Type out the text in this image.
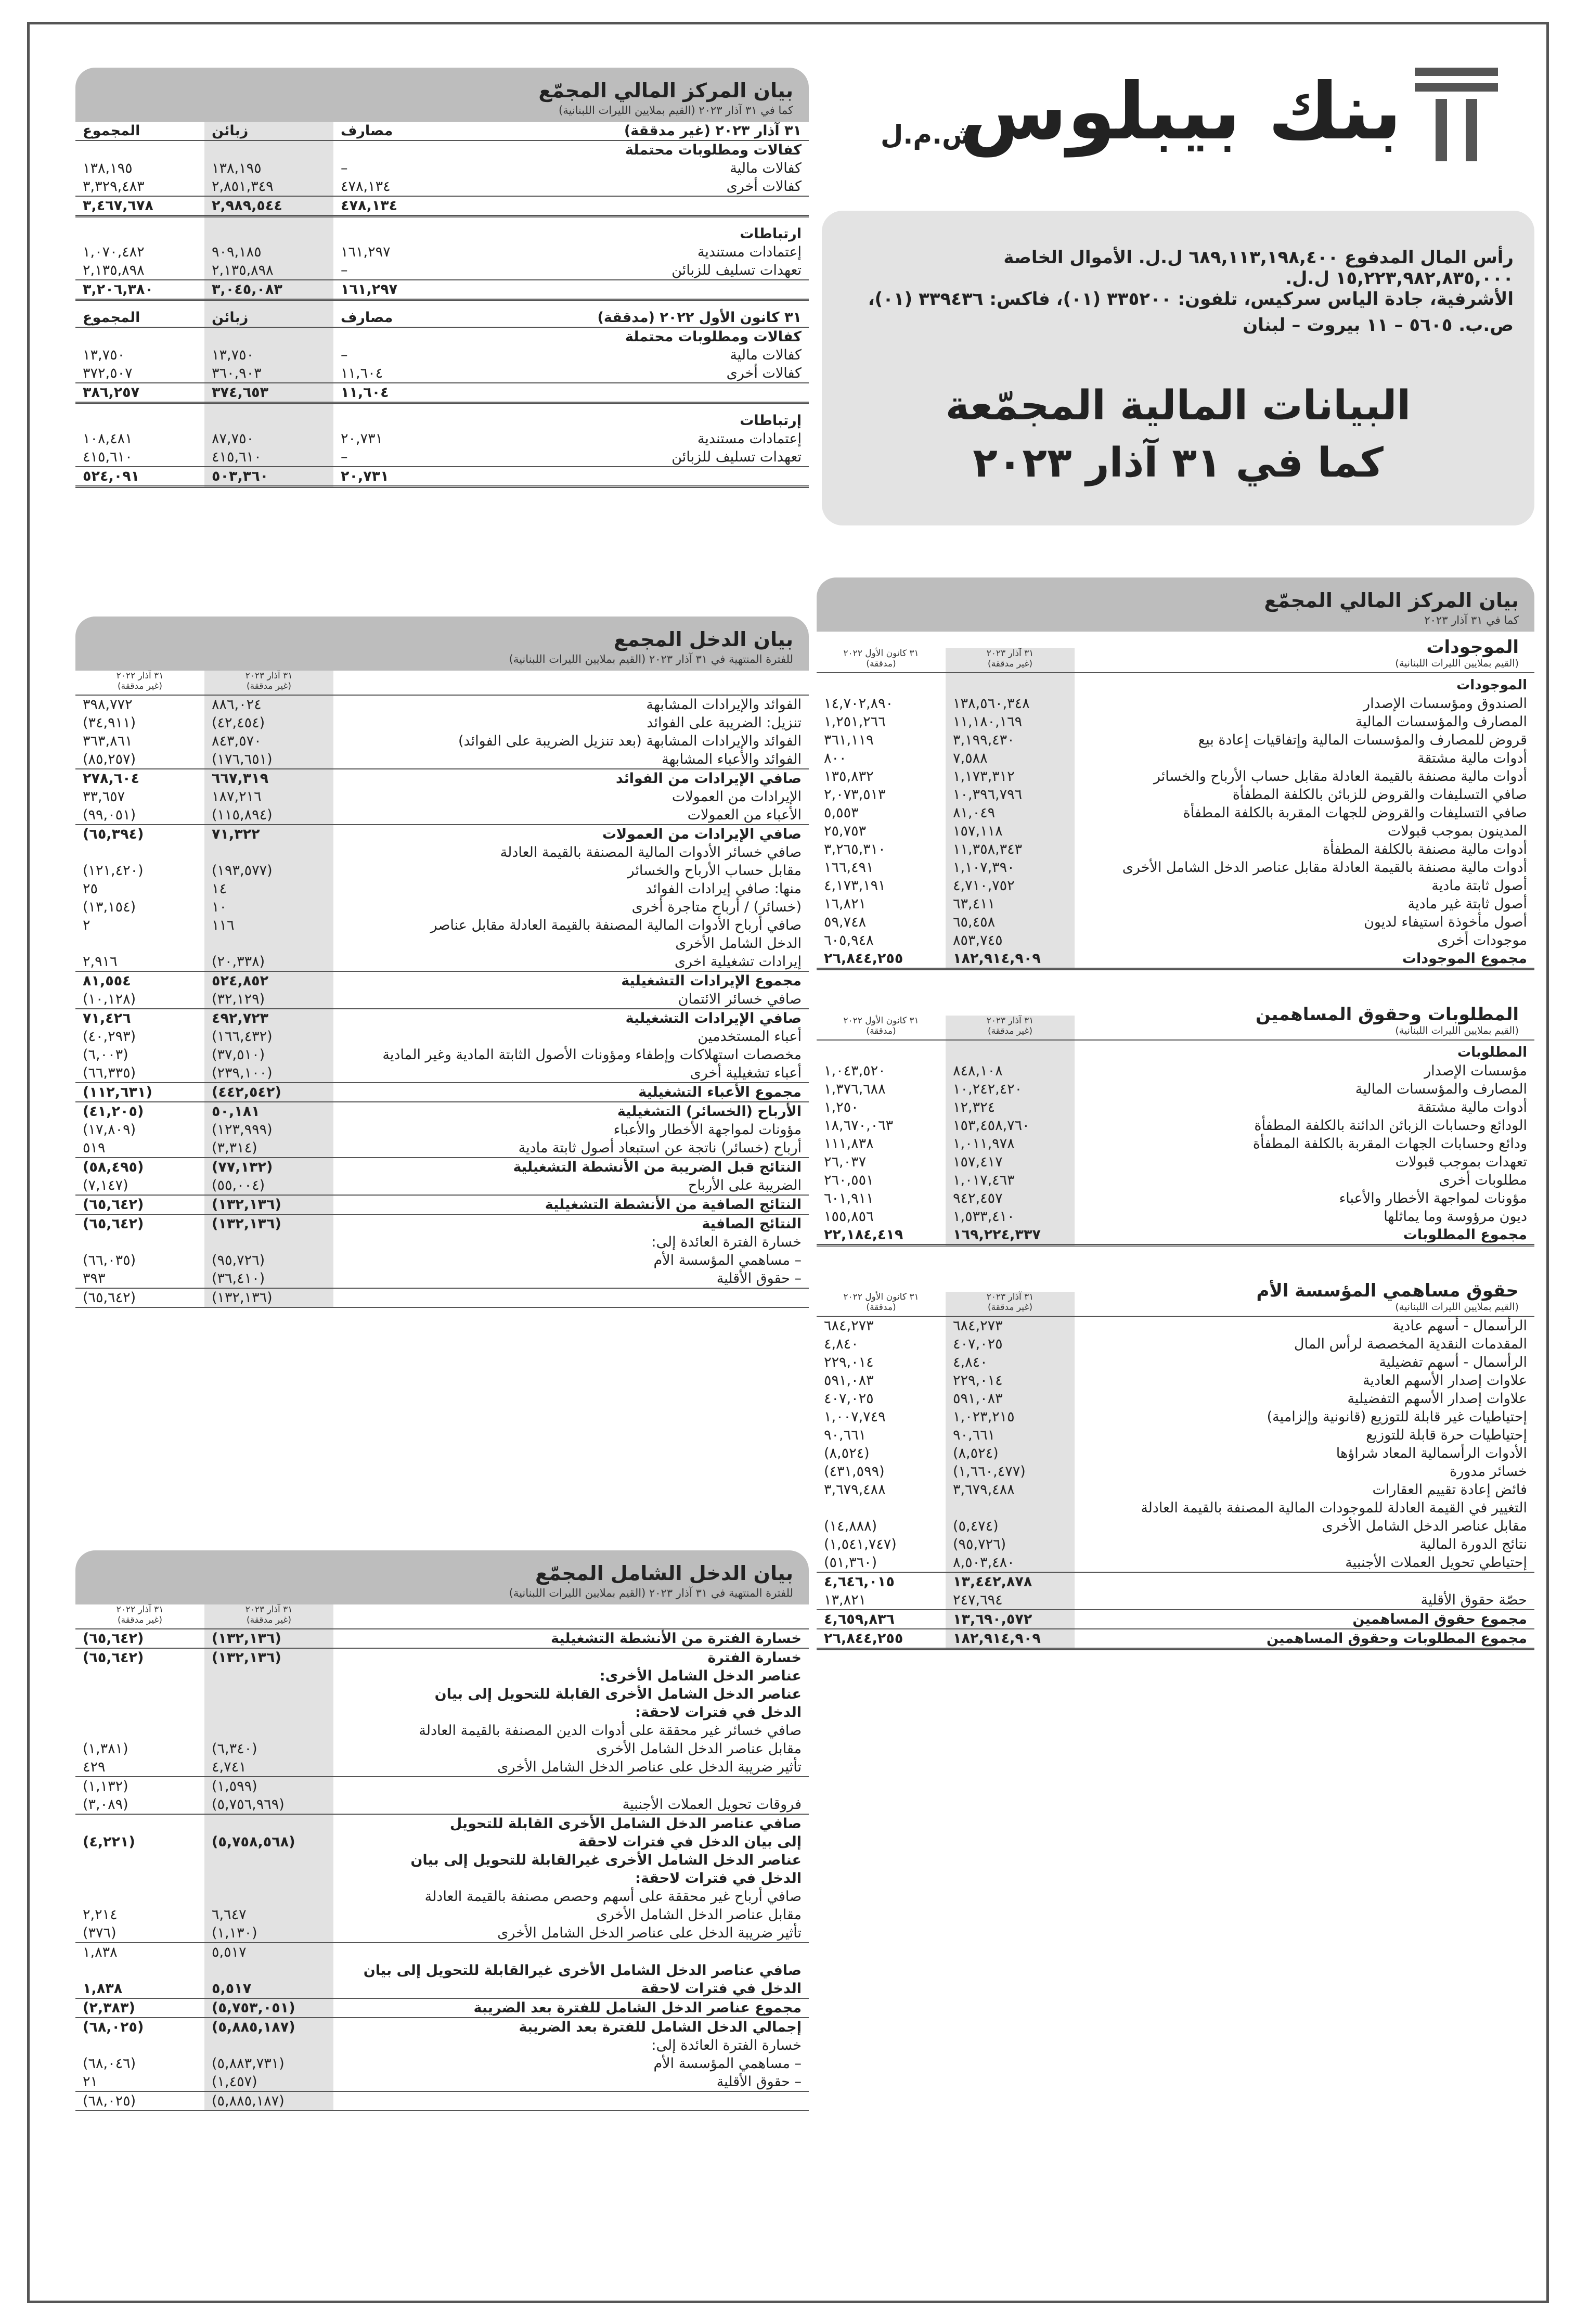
بنك بيبلوس
ش.م.ل
رأس المال المدفوع ٦٨٩,١١٣,١٩٨,٤٠٠ ل.ل. الأموال الخاصة ١٥,٢٢٣,٩٨٢,٨٣٥,٠٠٠ ل.ل.
الأشرفية، جادة الياس سركيس، تلفون: ٣٣٥٢٠٠ (٠١)، فاكس: ٣٣٩٤٣٦ (٠١)،
ص.ب. ٥٦٠٥ – ١١ بيروت – لبنان
البيانات المالية المجمّعة
كما في ٣١ آذار ٢٠٢٣
بيان المركز المالي المجمّع
كما في ٣١ آذار ٢٠٢٣
الموجودات
(القيم بملايين الليرات اللبنانية)
٣١ كانون الأول ٢٠٢٢
(مدققة)
٣١ آذار ٢٠٢٣
(غير مدققة)
الموجودات		
الصندوق ومؤسسات الإصدار	١٣٨,٥٦٠,٣٤٨	١٤,٧٠٢,٨٩٠
المصارف والمؤسسات المالية	١١,١٨٠,١٦٩	١,٢٥١,٢٦٦
قروض للمصارف والمؤسسات المالية وإتفاقيات إعادة بيع	٣,١٩٩,٤٣٠	٣٦١,١١٩
أدوات مالية مشتقة	٧,٥٨٨	٨٠٠
أدوات مالية مصنفة بالقيمة العادلة مقابل حساب الأرباح والخسائر	١,١٧٣,٣١٢	١٣٥,٨٣٢
صافي التسليفات والقروض للزبائن بالكلفة المطفأة	١٠,٣٩٦,٧٩٦	٢,٠٧٣,٥١٣
صافي التسليفات والقروض للجهات المقربة بالكلفة المطفأة	٨١,٠٤٩	٥,٥٥٣
المدينون بموجب قبولات	١٥٧,١١٨	٢٥,٧٥٣
أدوات مالية مصنفة بالكلفة المطفأة	١١,٣٥٨,٣٤٣	٣,٢٦٥,٣١٠
أدوات مالية مصنفة بالقيمة العادلة مقابل عناصر الدخل الشامل الأخرى	١,١٠٧,٣٩٠	١٦٦,٤٩١
أصول ثابتة مادية	٤,٧١٠,٧٥٢	٤,١٧٣,١٩١
أصول ثابتة غير مادية	٦٣,٤١١	١٦,٨٢١
أصول مأخوذة استيفاء لديون	٦٥,٤٥٨	٥٩,٧٤٨
موجودات أخرى	٨٥٣,٧٤٥	٦٠٥,٩٤٨
مجموع الموجودات	١٨٢,٩١٤,٩٠٩	٢٦,٨٤٤,٢٥٥
المطلوبات وحقوق المساهمين
(القيم بملايين الليرات اللبنانية)
٣١ كانون الأول ٢٠٢٢
(مدققة)
٣١ آذار ٢٠٢٣
(غير مدققة)
المطلوبات		
مؤسسات الإصدار	٨٤٨,١٠٨	١,٠٤٣,٥٢٠
المصارف والمؤسسات المالية	١٠,٢٤٢,٤٢٠	١,٣٧٦,٦٨٨
أدوات مالية مشتقة	١٢,٣٢٤	١,٢٥٠
الودائع وحسابات الزبائن الدائنة بالكلفة المطفأة	١٥٣,٤٥٨,٧٦٠	١٨,٦٧٠,٠٦٣
ودائع وحسابات الجهات المقربة بالكلفة المطفأة	١,٠١١,٩٧٨	١١١,٨٣٨
تعهدات بموجب قبولات	١٥٧,٤١٧	٢٦,٠٣٧
مطلوبات أخرى	١,٠١٧,٤٦٣	٢٦٠,٥٥١
مؤونات لمواجهة الأخطار والأعباء	٩٤٢,٤٥٧	٦٠١,٩١١
ديون مرؤوسة وما يماثلها	١,٥٣٣,٤١٠	١٥٥,٨٥٦
مجموع المطلوبات	١٦٩,٢٢٤,٣٣٧	٢٢,١٨٤,٤١٩
حقوق مساهمي المؤسسة الأم
(القيم بملايين الليرات اللبنانية)
٣١ كانون الأول ٢٠٢٢
(مدققة)
٣١ آذار ٢٠٢٣
(غير مدققة)
الرأسمال - أسهم عادية	٦٨٤,٢٧٣	٦٨٤,٢٧٣
المقدمات النقدية المخصصة لرأس المال	٤٠٧,٠٢٥	٤,٨٤٠
الرأسمال - أسهم تفضيلية	٤,٨٤٠	٢٢٩,٠١٤
علاوات إصدار الأسهم العادية	٢٢٩,٠١٤	٥٩١,٠٨٣
علاوات إصدار الأسهم التفضيلية	٥٩١,٠٨٣	٤٠٧,٠٢٥
إحتياطيات غير قابلة للتوزيع (قانونية وإلزامية)	١,٠٢٣,٢١٥	١,٠٠٧,٧٤٩
إحتياطيات حرة قابلة للتوزيع	٩٠,٦٦١	٩٠,٦٦١
الأدوات الرأسمالية المعاد شراؤها	(٨,٥٢٤)	(٨,٥٢٤)
خسائر مدورة	(١,٦٦٠,٤٧٧)	(٤٣١,٥٩٩)
فائض إعادة تقييم العقارات	٣,٦٧٩,٤٨٨	٣,٦٧٩,٤٨٨
التغيير في القيمة العادلة للموجودات المالية المصنفة بالقيمة العادلة		
مقابل عناصر الدخل الشامل الأخرى	(٥,٤٧٤)	(١٤,٨٨٨)
نتائج الدورة المالية	(٩٥,٧٢٦)	(١,٥٤١,٧٤٧)
إحتياطي تحويل العملات الأجنبية	٨,٥٠٣,٤٨٠	(٥١,٣٦٠)
	١٣,٤٤٢,٨٧٨	٤,٦٤٦,٠١٥
حصّة حقوق الأقلية	٢٤٧,٦٩٤	١٣,٨٢١
مجموع حقوق المساهمين	١٣,٦٩٠,٥٧٢	٤,٦٥٩,٨٣٦
مجموع المطلوبات وحقوق المساهمين	١٨٢,٩١٤,٩٠٩	٢٦,٨٤٤,٢٥٥
بيان المركز المالي المجمّع
كما في ٣١ آذار ٢٠٢٣ (القيم بملايين الليرات اللبنانية)
٣١ آذار ٢٠٢٣ (غير مدققة)	مصارف	زبائن	المجموع
كفالات ومطلوبات محتملة			
كفالات مالية	–	١٣٨,١٩٥	١٣٨,١٩٥
كفالات أخرى	٤٧٨,١٣٤	٢,٨٥١,٣٤٩	٣,٣٢٩,٤٨٣
	٤٧٨,١٣٤	٢,٩٨٩,٥٤٤	٣,٤٦٧,٦٧٨
ارتباطات			
إعتمادات مستندية	١٦١,٢٩٧	٩٠٩,١٨٥	١,٠٧٠,٤٨٢
تعهدات تسليف للزبائن	–	٢,١٣٥,٨٩٨	٢,١٣٥,٨٩٨
	١٦١,٢٩٧	٣,٠٤٥,٠٨٣	٣,٢٠٦,٣٨٠
٣١ كانون الأول ٢٠٢٢ (مدققة)	مصارف	زبائن	المجموع
كفالات ومطلوبات محتملة			
كفالات مالية	–	١٣,٧٥٠	١٣,٧٥٠
كفالات أخرى	١١,٦٠٤	٣٦٠,٩٠٣	٣٧٢,٥٠٧
	١١,٦٠٤	٣٧٤,٦٥٣	٣٨٦,٢٥٧
إرتباطات			
إعتمادات مستندية	٢٠,٧٣١	٨٧,٧٥٠	١٠٨,٤٨١
تعهدات تسليف للزبائن	–	٤١٥,٦١٠	٤١٥,٦١٠
	٢٠,٧٣١	٥٠٣,٣٦٠	٥٢٤,٠٩١
بيان الدخل المجمع
للفترة المنتهية في ٣١ آذار ٢٠٢٣ (القيم بملايين الليرات اللبنانية)
٣١ آذار ٢٠٢٢
(غير مدققة)
٣١ آذار ٢٠٢٣
(غير مدققة)
الفوائد والإيرادات المشابهة	٨٨٦,٠٢٤	٣٩٨,٧٧٢
تنزيل: الضريبة على الفوائد	(٤٢,٤٥٤)	(٣٤,٩١١)
الفوائد والإيرادات المشابهة (بعد تنزيل الضريبة على الفوائد)	٨٤٣,٥٧٠	٣٦٣,٨٦١
الفوائد والأعباء المشابهة	(١٧٦,٦٥١)	(٨٥,٢٥٧)
صافي الإيرادات من الفوائد	٦٦٧,٣١٩	٢٧٨,٦٠٤
الإيرادات من العمولات	١٨٧,٢١٦	٣٣,٦٥٧
الأعباء من العمولات	(١١٥,٨٩٤)	(٩٩,٠٥١)
صافي الإيرادات من العمولات	٧١,٣٢٢	(٦٥,٣٩٤)
صافي خسائر الأدوات المالية المصنفة بالقيمة العادلة		
مقابل حساب الأرباح والخسائر	(١٩٣,٥٧٧)	(١٢١,٤٢٠)
منها: صافي إيرادات الفوائد	١٤	٢٥
(خسائر) / أرباح متاجرة أخرى	١٠	(١٣,١٥٤)
صافي أرباح الأدوات المالية المصنفة بالقيمة العادلة مقابل عناصر	١١٦	٢
الدخل الشامل الأخرى		
إيرادات تشغيلية اخرى	(٢٠,٣٣٨)	٢,٩١٦
مجموع الإيرادات التشغيلية	٥٢٤,٨٥٢	٨١,٥٥٤
صافي خسائر الائتمان	(٣٢,١٢٩)	(١٠,١٢٨)
صافي الإيرادات التشغيلية	٤٩٢,٧٢٣	٧١,٤٢٦
أعباء المستخدمين	(١٦٦,٤٣٢)	(٤٠,٢٩٣)
مخصصات استهلاكات وإطفاء ومؤونات الأصول الثابتة المادية وغير المادية	(٣٧,٥١٠)	(٦,٠٠٣)
أعباء تشغيلية أخرى	(٢٣٩,١٠٠)	(٦٦,٣٣٥)
مجموع الأعباء التشغيلية	(٤٤٢,٥٤٢)	(١١٢,٦٣١)
الأرباح (الخسائر) التشغيلية	٥٠,١٨١	(٤١,٢٠٥)
مؤونات لمواجهة الأخطار والأعباء	(١٢٣,٩٩٩)	(١٧,٨٠٩)
أرباح (خسائر) ناتجة عن استبعاد أصول ثابتة مادية	(٣,٣١٤)	٥١٩
النتائج قبل الضريبة من الأنشطة التشغيلية	(٧٧,١٣٢)	(٥٨,٤٩٥)
الضريبة على الأرباح	(٥٥,٠٠٤)	(٧,١٤٧)
النتائج الصافية من الأنشطة التشغيلية	(١٣٢,١٣٦)	(٦٥,٦٤٢)
النتائج الصافية	(١٣٢,١٣٦)	(٦٥,٦٤٢)
خسارة الفترة العائدة إلى:		
– مساهمي المؤسسة الأم	(٩٥,٧٢٦)	(٦٦,٠٣٥)
– حقوق الأقلية	(٣٦,٤١٠)	٣٩٣
	(١٣٢,١٣٦)	(٦٥,٦٤٢)
بيان الدخل الشامل المجمّع
للفترة المنتهية في ٣١ آذار ٢٠٢٣ (القيم بملايين الليرات اللبنانية)
٣١ آذار ٢٠٢٢
(غير مدققة)
٣١ آذار ٢٠٢٣
(غير مدققة)
خسارة الفترة من الأنشطة التشغيلية	(١٣٢,١٣٦)	(٦٥,٦٤٢)
خسارة الفترة	(١٣٢,١٣٦)	(٦٥,٦٤٢)
عناصر الدخل الشامل الأخرى:		
عناصر الدخل الشامل الأخرى القابلة للتحويل إلى بيان		
الدخل في فترات لاحقة:		
صافي خسائر غير محققة على أدوات الدين المصنفة بالقيمة العادلة		
مقابل عناصر الدخل الشامل الأخرى	(٦,٣٤٠)	(١,٣٨١)
تأثير ضريبة الدخل على عناصر الدخل الشامل الأخرى	٤,٧٤١	٤٢٩
	(١,٥٩٩)	(١,١٣٢)
فروقات تحويل العملات الأجنبية	(٥,٧٥٦,٩٦٩)	(٣,٠٨٩)
صافي عناصر الدخل الشامل الأخرى القابلة للتحويل		
إلى بيان الدخل في فترات لاحقة	(٥,٧٥٨,٥٦٨)	(٤,٢٢١)
عناصر الدخل الشامل الأخرى غيرالقابلة للتحويل إلى بيان		
الدخل في فترات لاحقة:		
صافي أرباح غير محققة على أسهم وحصص مصنفة بالقيمة العادلة		
مقابل عناصر الدخل الشامل الأخرى	٦,٦٤٧	٢,٢١٤
تأثير ضريبة الدخل على عناصر الدخل الشامل الأخرى	(١,١٣٠)	(٣٧٦)
	٥,٥١٧	١,٨٣٨
صافي عناصر الدخل الشامل الأخرى غيرالقابلة للتحويل إلى بيان		
الدخل في فترات لاحقة	٥,٥١٧	١,٨٣٨
مجموع عناصر الدخل الشامل للفترة بعد الضريبة	(٥,٧٥٣,٠٥١)	(٢,٣٨٣)
إجمالي الدخل الشامل للفترة بعد الضريبة	(٥,٨٨٥,١٨٧)	(٦٨,٠٢٥)
خسارة الفترة العائدة إلى:		
– مساهمي المؤسسة الأم	(٥,٨٨٣,٧٣١)	(٦٨,٠٤٦)
– حقوق الأقلية	(١,٤٥٧)	٢١
	(٥,٨٨٥,١٨٧)	(٦٨,٠٢٥)
